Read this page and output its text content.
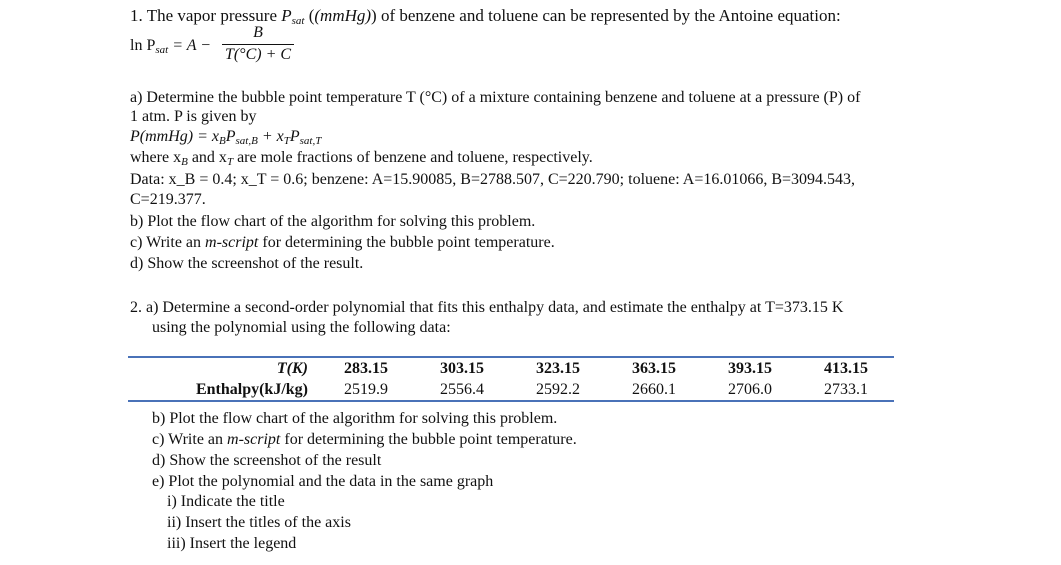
1. The vapor pressure $P_{sat}$ ((mmHg)) of benzene and toluene can be represented by the Antoine equation:
$\ln P_{sat} = A$ −
B
T(°C) + C
a) Determine the bubble point temperature T (°C) of a mixture containing benzene and toluene at a pressure (P) of
1 atm. P is given by
P(mmHg) = $x_BP_{sat,B} + x_TP_{sat,T}$
where $x_B$ and $x_T$ are mole fractions of benzene and toluene, respectively.
Data: x_B = 0.4; x_T = 0.6; benzene: A=15.90085, B=2788.507, C=220.790; toluene: A=16.01066, B=3094.543,
C=219.377.
b) Plot the flow chart of the algorithm for solving this problem.
c) Write an m-script for determining the bubble point temperature.
d) Show the screenshot of the result.
2. a) Determine a second-order polynomial that fits this enthalpy data, and estimate the enthalpy at T=373.15 K
using the polynomial using the following data:
T(K)	283.15	303.15	323.15	363.15	393.15	413.15
Enthalpy(kJ/kg)	2519.9	2556.4	2592.2	2660.1	2706.0	2733.1
b) Plot the flow chart of the algorithm for solving this problem.
c) Write an m-script for determining the bubble point temperature.
d) Show the screenshot of the result
e) Plot the polynomial and the data in the same graph
i) Indicate the title
ii) Insert the titles of the axis
iii) Insert the legend
